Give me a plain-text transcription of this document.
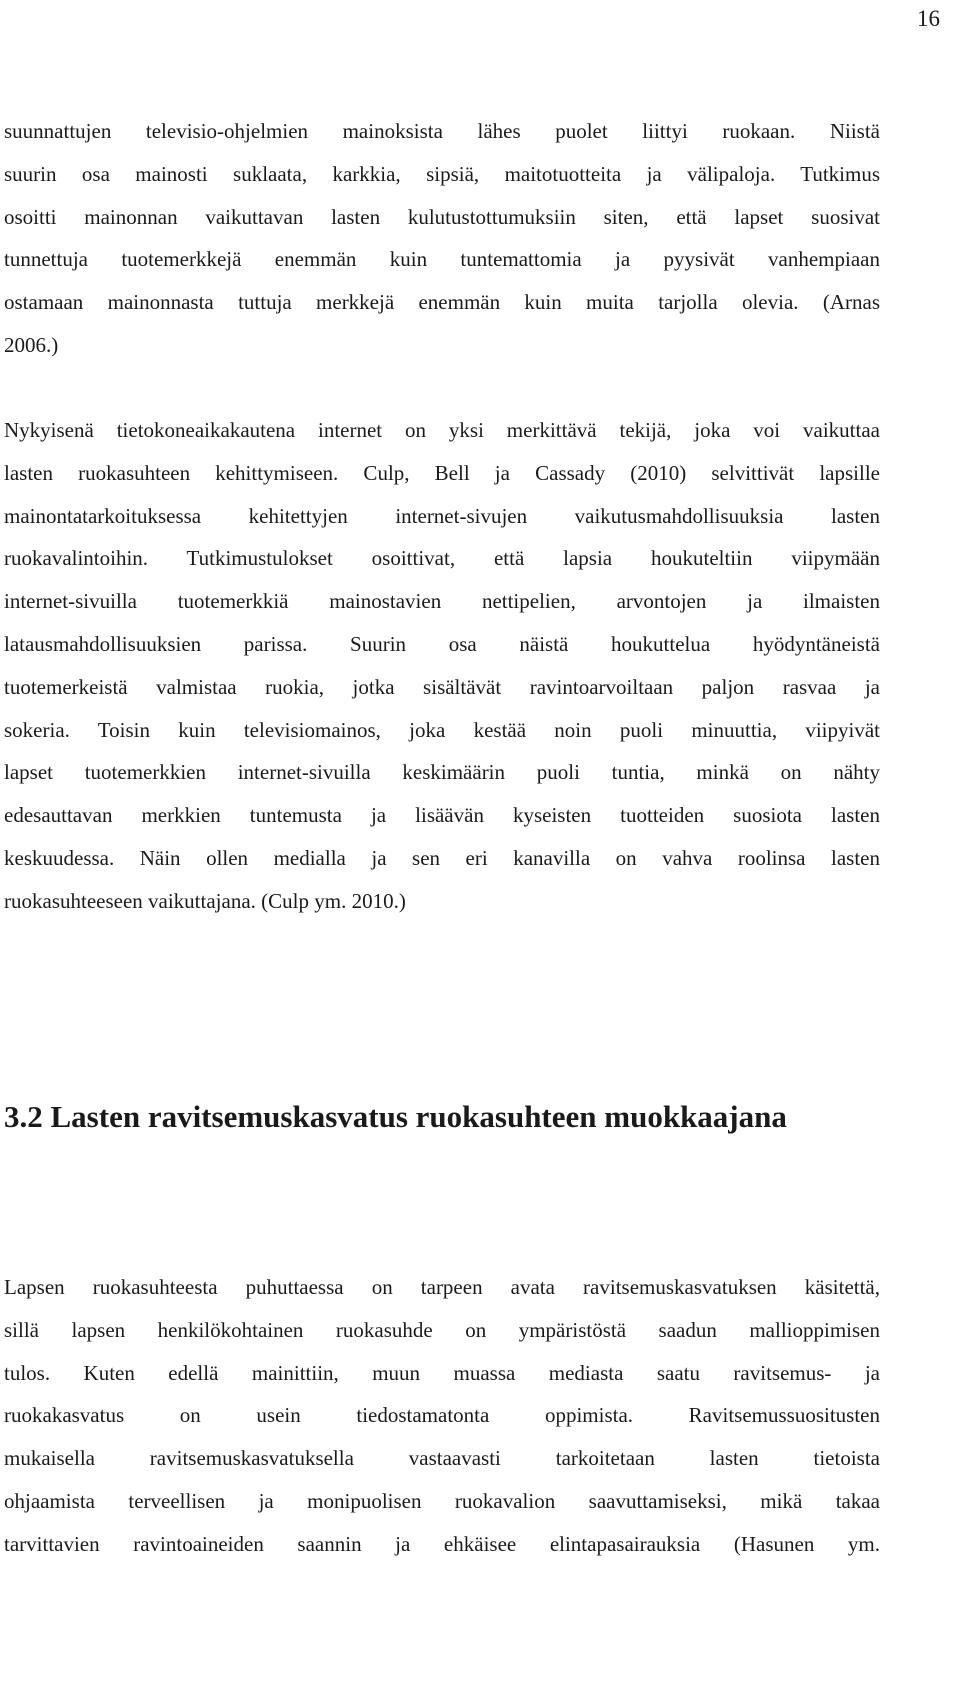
16

suunnattujen televisio-ohjelmien mainoksista lähes puolet liittyi ruokaan. Niistä
suurin osa mainosti suklaata, karkkia, sipsiä, maitotuotteita ja välipaloja. Tutkimus
osoitti mainonnan vaikuttavan lasten kulutustottumuksiin siten, että lapset suosivat
tunnettuja tuotemerkkejä enemmän kuin tuntemattomia ja pyysivät vanhempiaan
ostamaan mainonnasta tuttuja merkkejä enemmän kuin muita tarjolla olevia. (Arnas
2006.)

Nykyisenä tietokoneaikakautena internet on yksi merkittävä tekijä, joka voi vaikuttaa
lasten ruokasuhteen kehittymiseen. Culp, Bell ja Cassady (2010) selvittivät lapsille
mainontatarkoituksessa kehitettyjen internet-sivujen vaikutusmahdollisuuksia lasten
ruokavalintoihin. Tutkimustulokset osoittivat, että lapsia houkuteltiin viipymään
internet-sivuilla tuotemerkkiä mainostavien nettipelien, arvontojen ja ilmaisten
latausmahdollisuuksien parissa. Suurin osa näistä houkuttelua hyödyntäneistä
tuotemerkeistä valmistaa ruokia, jotka sisältävät ravintoarvoiltaan paljon rasvaa ja
sokeria. Toisin kuin televisiomainos, joka kestää noin puoli minuuttia, viipyivät
lapset tuotemerkkien internet-sivuilla keskimäärin puoli tuntia, minkä on nähty
edesauttavan merkkien tuntemusta ja lisäävän kyseisten tuotteiden suosiota lasten
keskuudessa. Näin ollen medialla ja sen eri kanavilla on vahva roolinsa lasten
ruokasuhteeseen vaikuttajana. (Culp ym. 2010.)

3.2 Lasten ravitsemuskasvatus ruokasuhteen muokkaajana

Lapsen ruokasuhteesta puhuttaessa on tarpeen avata ravitsemuskasvatuksen käsitettä,
sillä lapsen henkilökohtainen ruokasuhde on ympäristöstä saadun mallioppimisen
tulos. Kuten edellä mainittiin, muun muassa mediasta saatu ravitsemus- ja
ruokakasvatus on usein tiedostamatonta oppimista. Ravitsemussuositusten
mukaisella ravitsemuskasvatuksella vastaavasti tarkoitetaan lasten tietoista
ohjaamista terveellisen ja monipuolisen ruokavalion saavuttamiseksi, mikä takaa
tarvittavien ravintoaineiden saannin ja ehkäisee elintapasairauksia (Hasunen ym.
